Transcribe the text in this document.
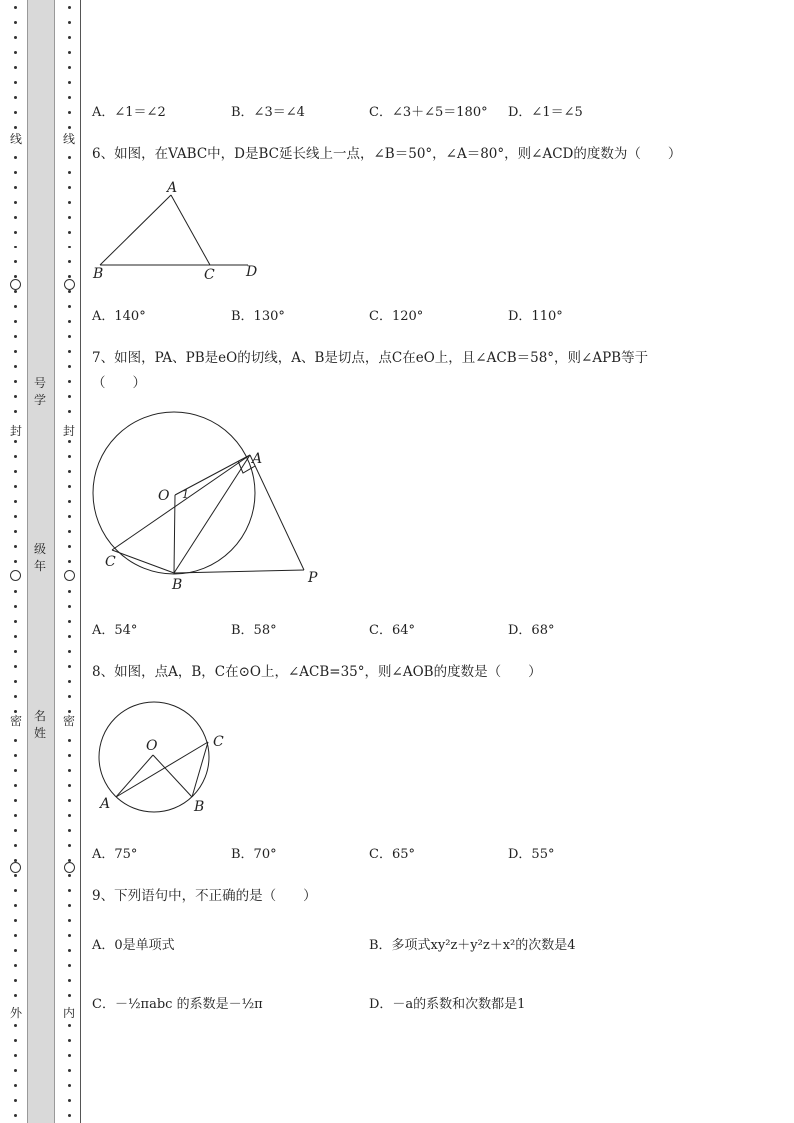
线
封
密
外
线
封
密
内
号
学
级
年
名
姓
A．∠1＝∠2	B．∠3＝∠4	C．∠3＋∠5＝180° D．∠1＝∠5
6、如图，在VABC中，D是BC延长线上一点，∠B＝50°，∠A＝80°，则∠ACD的度数为（　　）
A
B	C D
A．140°	B．130°	C．120°	D．110°
7、如图，PA、PB是eO的切线，A、B是切点，点C在eO上，且∠ACB＝58°，则∠APB等于
（　　）
1
O
A
C
B	P
A．54°	B．58°	C．64°	D．68°
8、如图，点A，B，C在⊙O上，∠ACB=35°，则∠AOB的度数是（　　）
O
A	B
C
A．75°	B．70°	C．65°	D．55°
9、下列语句中，不正确的是（　　）
A．0是单项式	B．多项式xy²z＋y²z＋x²的次数是4
C．－½πabc 的系数是－½π	D．－a的系数和次数都是1
